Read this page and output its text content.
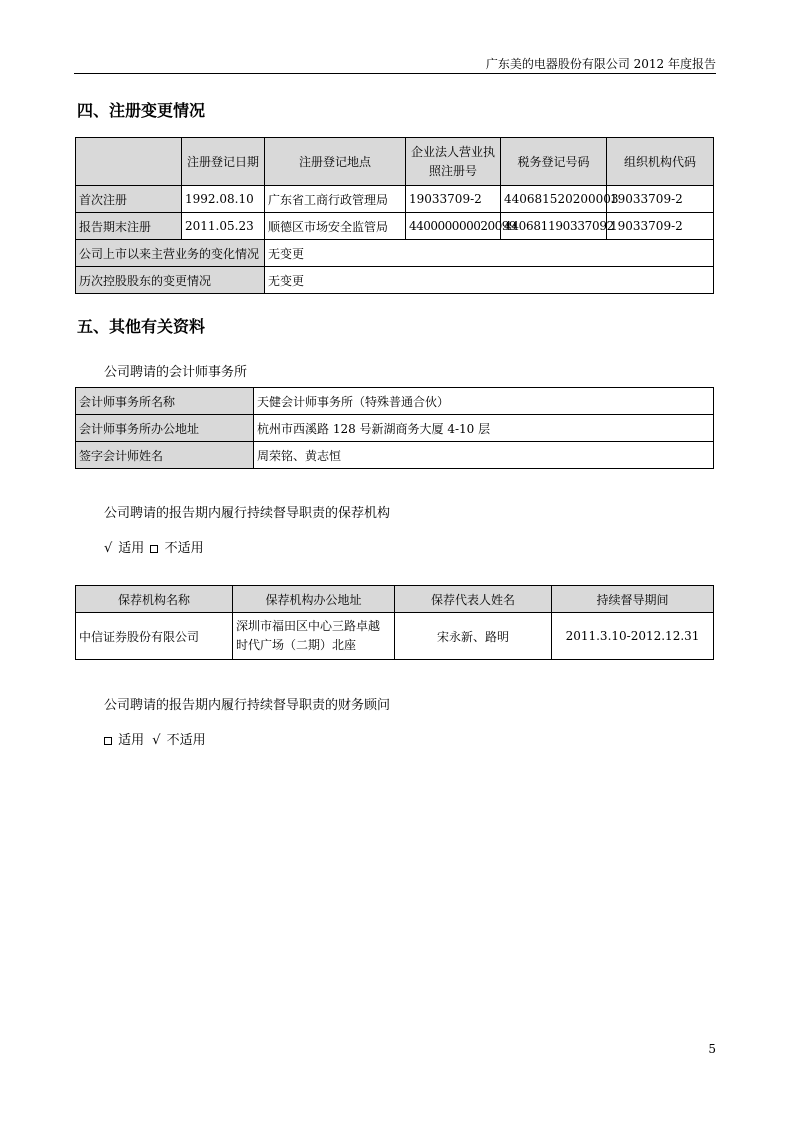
广东美的电器股份有限公司 2012 年度报告
四、注册变更情况
	注册登记日期	注册登记地点	企业法人营业执照注册号	税务登记号码	组织机构代码
首次注册	1992.08.10	广东省工商行政管理局	19033709-2	440681520200003	19033709-2
报告期末注册	2011.05.23	顺德区市场安全监管局	440000000020099	440681190337092	19033709-2
公司上市以来主营业务的变化情况		无变更			
历次控股股东的变更情况		无变更			
五、其他有关资料
公司聘请的会计师事务所
会计师事务所名称	天健会计师事务所（特殊普通合伙）
会计师事务所办公地址	杭州市西溪路 128 号新湖商务大厦 4-10 层
签字会计师姓名	周荣铭、黄志恒
公司聘请的报告期内履行持续督导职责的保荐机构
√ 适用 不适用
保荐机构名称	保荐机构办公地址	保荐代表人姓名	持续督导期间
中信证券股份有限公司	深圳市福田区中心三路卓越时代广场（二期）北座	宋永新、路明	2011.3.10-2012.12.31
公司聘请的报告期内履行持续督导职责的财务顾问
适用 √ 不适用
5
